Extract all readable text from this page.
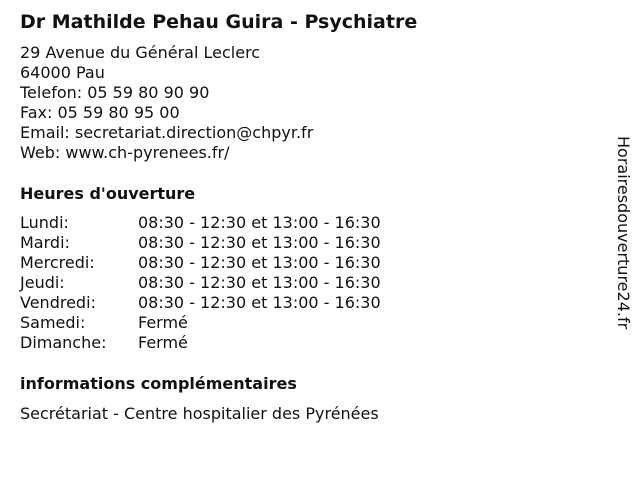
Dr Mathilde Pehau Guira - Psychiatre
29 Avenue du Général Leclerc
64000 Pau
Telefon: 05 59 80 90 90
Fax: 05 59 80 95 00
Email: secretariat.direction@chpyr.fr
Web: www.ch-pyrenees.fr/
Heures d'ouverture
Lundi:	08:30 - 12:30 et 13:00 - 16:30
Mardi:	08:30 - 12:30 et 13:00 - 16:30
Mercredi:	08:30 - 12:30 et 13:00 - 16:30
Jeudi:	08:30 - 12:30 et 13:00 - 16:30
Vendredi:	08:30 - 12:30 et 13:00 - 16:30
Samedi:	Fermé
Dimanche: Fermé
informations complémentaires
Secrétariat - Centre hospitalier des Pyrénées
Horairesdouverture24.fr
